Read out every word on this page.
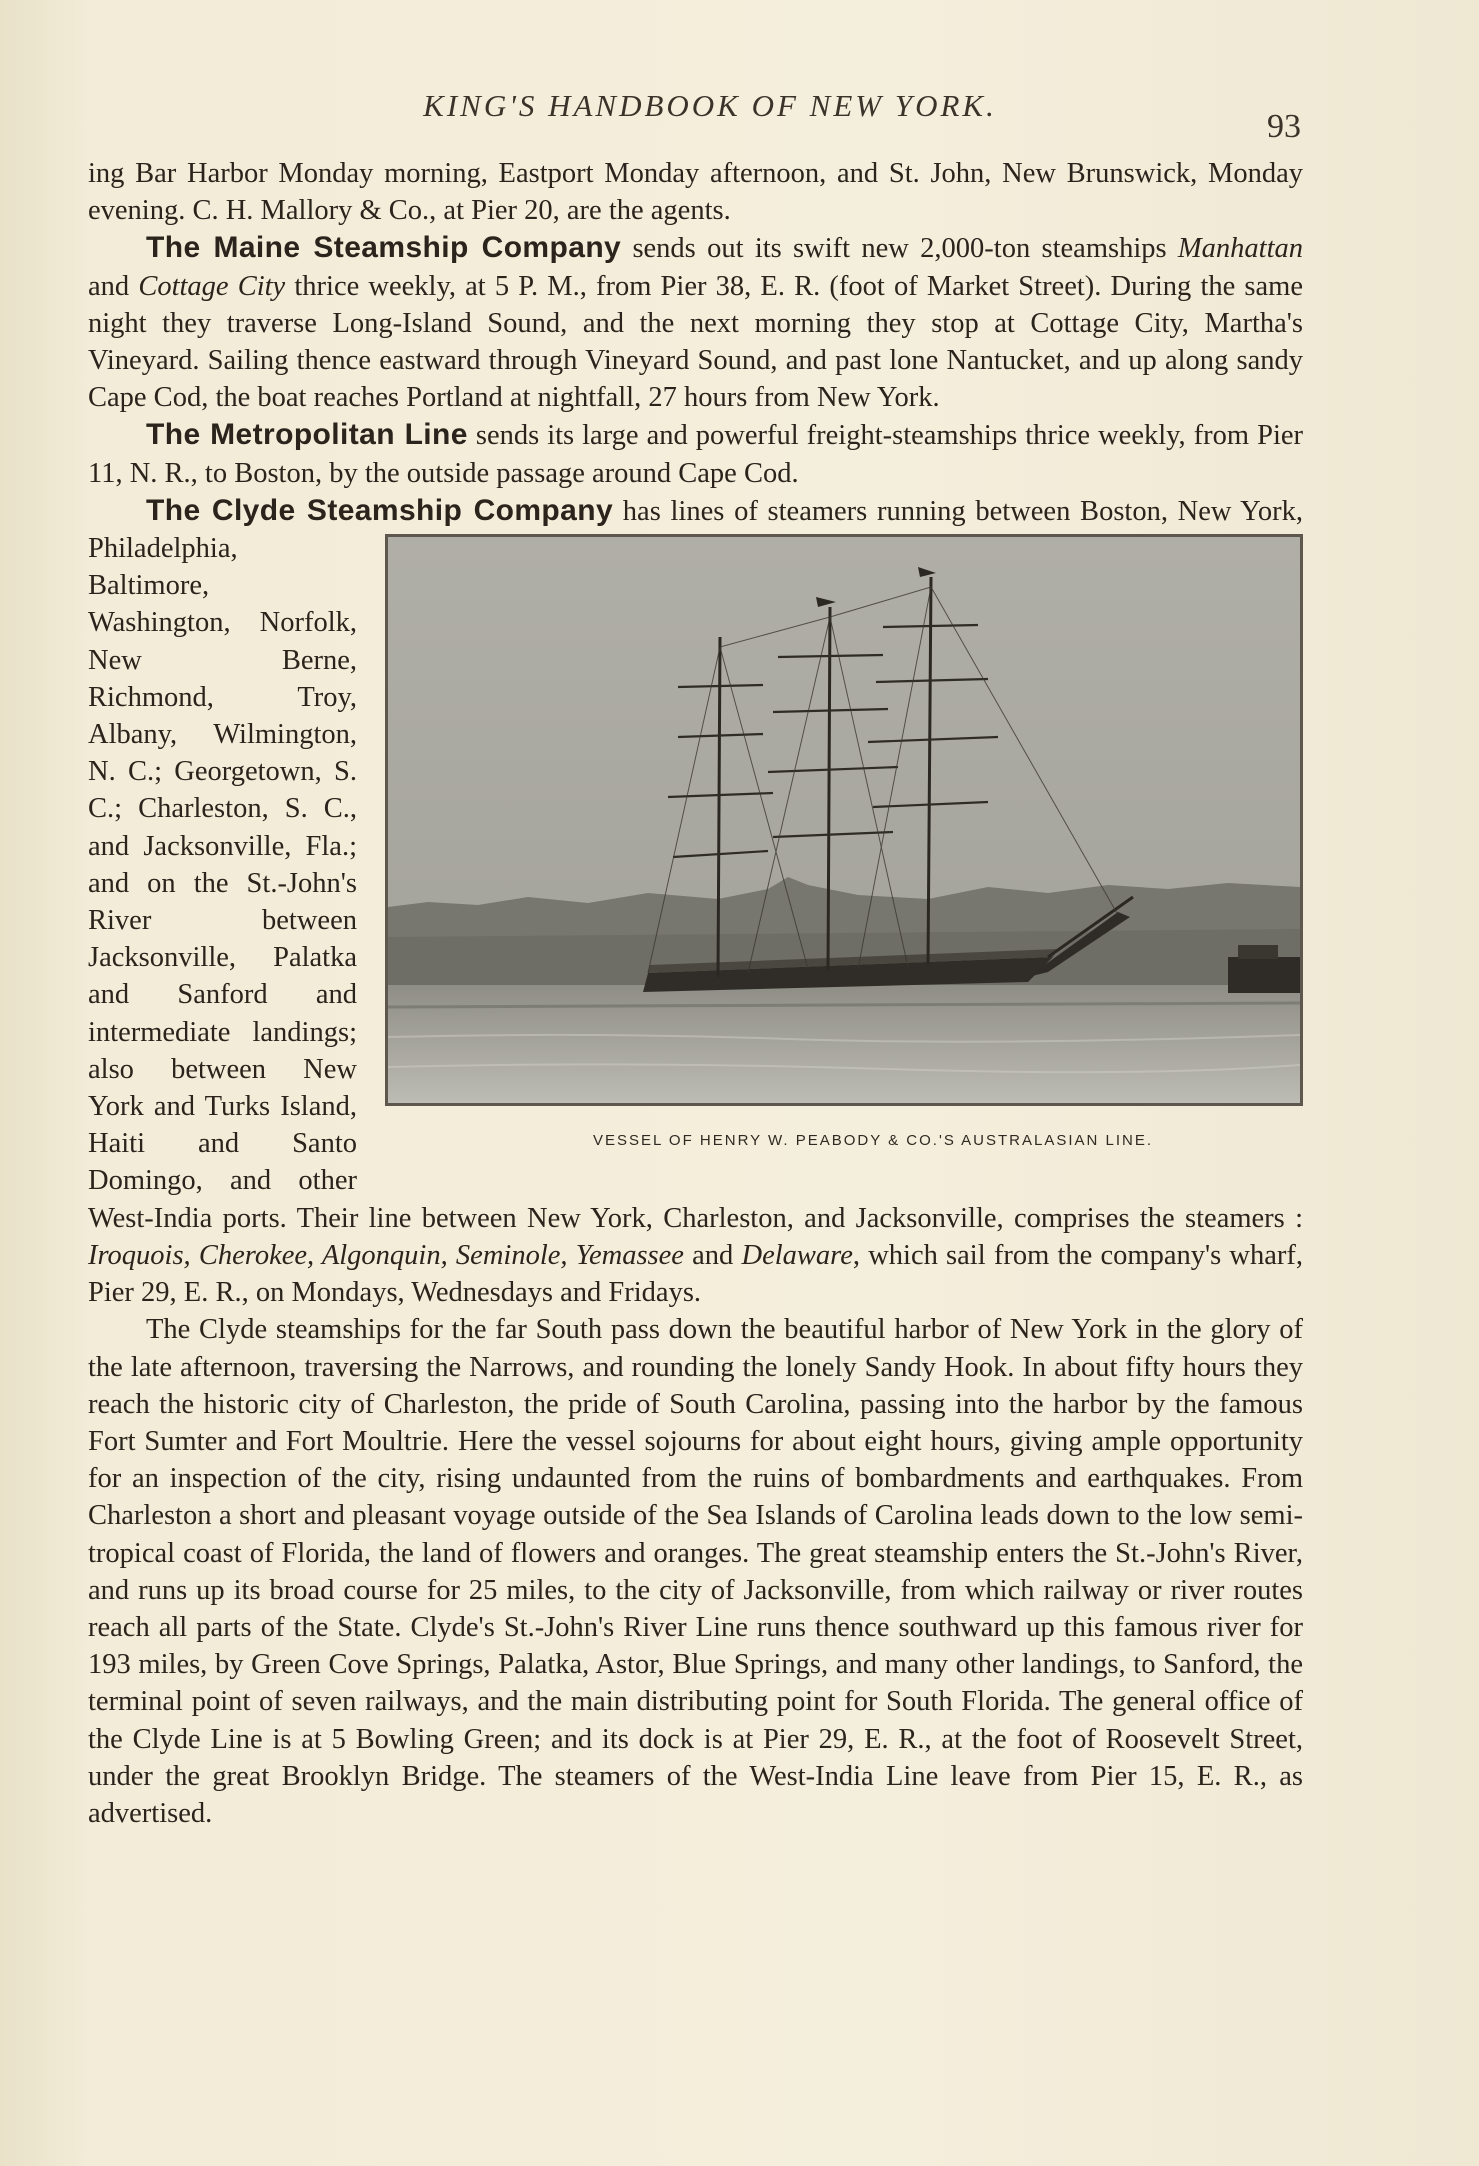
KING'S HANDBOOK OF NEW YORK.
93

ing Bar Harbor Monday morning, Eastport Monday afternoon, and St. John, New Brunswick, Monday evening. C. H. Mallory & Co., at Pier 20, are the agents.

The Maine Steamship Company sends out its swift new 2,000-ton steamships Manhattan and Cottage City thrice weekly, at 5 P. M., from Pier 38, E. R. (foot of Market Street). During the same night they traverse Long-Island Sound, and the next morning they stop at Cottage City, Martha's Vineyard. Sailing thence eastward through Vineyard Sound, and past lone Nantucket, and up along sandy Cape Cod, the boat reaches Portland at nightfall, 27 hours from New York.

The Metropolitan Line sends its large and powerful freight-steamships thrice weekly, from Pier 11, N. R., to Boston, by the outside passage around Cape Cod.

The Clyde Steamship Company
VESSEL OF HENRY W. PEABODY & CO.'S AUSTRALASIAN LINE.
has lines of steamers running between Boston, New York, Philadelphia, Baltimore, Washington, Norfolk, New Berne, Richmond, Troy, Albany, Wilmington, N. C.; Georgetown, S. C.; Charleston, S. C., and Jacksonville, Fla.; and on the St.-John's River between Jacksonville, Palatka and Sanford and intermediate landings; also between New York and Turks Island, Haiti and Santo Domingo, and other West-India ports. Their line between New York, Charleston, and Jacksonville, comprises the steamers : Iroquois, Cherokee, Algonquin, Seminole, Yemassee and Delaware, which sail from the company's wharf, Pier 29, E. R., on Mondays, Wednesdays and Fridays.

The Clyde steamships for the far South pass down the beautiful harbor of New York in the glory of the late afternoon, traversing the Narrows, and rounding the lonely Sandy Hook. In about fifty hours they reach the historic city of Charleston, the pride of South Carolina, passing into the harbor by the famous Fort Sumter and Fort Moultrie. Here the vessel sojourns for about eight hours, giving ample opportunity for an inspection of the city, rising undaunted from the ruins of bombardments and earthquakes. From Charleston a short and pleasant voyage outside of the Sea Islands of Carolina leads down to the low semi-tropical coast of Florida, the land of flowers and oranges. The great steamship enters the St.-John's River, and runs up its broad course for 25 miles, to the city of Jacksonville, from which railway or river routes reach all parts of the State. Clyde's St.-John's River Line runs thence southward up this famous river for 193 miles, by Green Cove Springs, Palatka, Astor, Blue Springs, and many other landings, to Sanford, the terminal point of seven railways, and the main distributing point for South Florida. The general office of the Clyde Line is at 5 Bowling Green; and its dock is at Pier 29, E. R., at the foot of Roosevelt Street, under the great Brooklyn Bridge. The steamers of the West-India Line leave from Pier 15, E. R., as advertised.
